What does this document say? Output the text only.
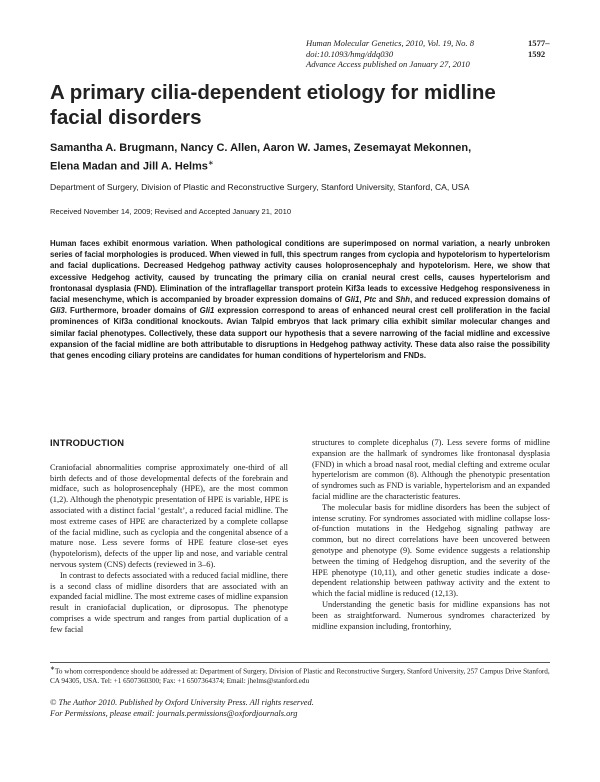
Human Molecular Genetics, 2010, Vol. 19, No. 8	1577–1592
doi:10.1093/hmg/ddq030
Advance Access published on January 27, 2010
A primary cilia-dependent etiology for midline facial disorders
Samantha A. Brugmann, Nancy C. Allen, Aaron W. James, Zesemayat Mekonnen,
Elena Madan and Jill A. Helms∗
Department of Surgery, Division of Plastic and Reconstructive Surgery, Stanford University, Stanford, CA, USA
Received November 14, 2009; Revised and Accepted January 21, 2010

Human faces exhibit enormous variation. When pathological conditions are superimposed on normal variation, a nearly unbroken series of facial morphologies is produced. When viewed in full, this spectrum ranges from cyclopia and hypotelorism to hypertelorism and facial duplications. Decreased Hedgehog pathway activity causes holoprosencephaly and hypotelorism. Here, we show that excessive Hedgehog activity, caused by truncating the primary cilia on cranial neural crest cells, causes hypertelorism and frontonasal dysplasia (FND). Elimination of the intraflagellar transport protein Kif3a leads to excessive Hedgehog responsiveness in facial mesenchyme, which is accompanied by broader expression domains of Gli1, Ptc and Shh, and reduced expression domains of Gli3. Furthermore, broader domains of Gli1 expression correspond to areas of enhanced neural crest cell proliferation in the facial prominences of Kif3a conditional knockouts. Avian Talpid embryos that lack primary cilia exhibit similar molecular changes and similar facial phenotypes. Collectively, these data support our hypothesis that a severe narrowing of the facial midline and excessive expansion of the facial midline are both attributable to disruptions in Hedgehog pathway activity. These data also raise the possibility that genes encoding ciliary proteins are candidates for human conditions of hypertelorism and FNDs.

INTRODUCTION

Craniofacial abnormalities comprise approximately one-third of all birth defects and of those developmental defects of the forebrain and midface, such as holoprosencephaly (HPE), are the most common (1,2). Although the phenotypic presentation of HPE is variable, HPE is associated with a distinct facial ‘gestalt’, a reduced facial midline. The most extreme cases of HPE are characterized by a complete collapse of the facial midline, such as cyclopia and the congenital absence of a mature nose. Less severe forms of HPE feature close-set eyes (hypotelorism), defects of the upper lip and nose, and variable central nervous system (CNS) defects (reviewed in 3–6).

In contrast to defects associated with a reduced facial midline, there is a second class of midline disorders that are associated with an expanded facial midline. The most extreme cases of midline expansion result in craniofacial duplication, or diprosopus. The phenotype comprises a wide spectrum and ranges from partial duplication of a few facial

structures to complete dicephalus (7). Less severe forms of midline expansion are the hallmark of syndromes like frontonasal dysplasia (FND) in which a broad nasal root, medial clefting and extreme ocular hypertelorism are common (8). Although the phenotypic presentation of syndromes such as FND is variable, hypertelorism and an expanded facial midline are the characteristic features.

The molecular basis for midline disorders has been the subject of intense scrutiny. For syndromes associated with midline collapse loss-of-function mutations in the Hedgehog signaling pathway are common, but no direct correlations have been uncovered between genotype and phenotype (9). Some evidence suggests a relationship between the timing of Hedgehog disruption, and the severity of the HPE phenotype (10,11), and other genetic studies indicate a dose-dependent relationship between pathway activity and the extent to which the facial midline is reduced (12,13).

Understanding the genetic basis for midline expansions has not been as straightforward. Numerous syndromes characterized by midline expansion including, frontorhiny,

∗To whom correspondence should be addressed at: Department of Surgery, Division of Plastic and Reconstructive Surgery, Stanford University, 257 Campus Drive Stanford, CA 94305, USA. Tel: +1 6507360300; Fax: +1 6507364374; Email: jhelms@stanford.edu

© The Author 2010. Published by Oxford University Press. All rights reserved.
For Permissions, please email: journals.permissions@oxfordjournals.org
